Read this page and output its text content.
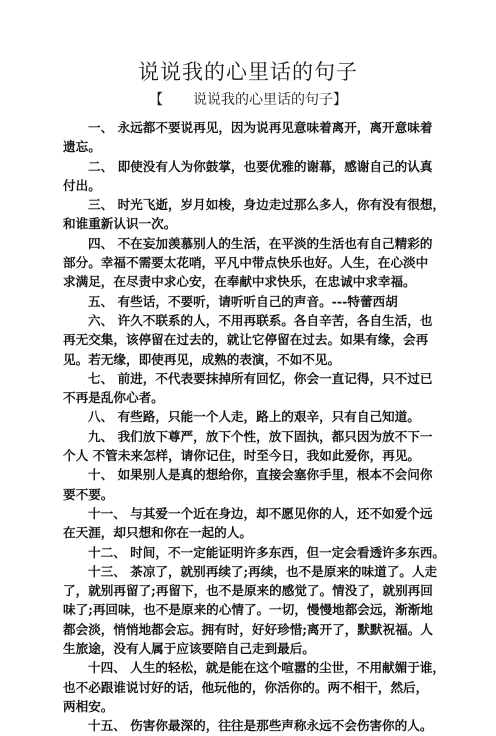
说说我的心里话的句子
【 说说我的心里话的句子】
一、 永远都不要说再见，因为说再见意味着离开，离开意味着
遗忘。
二、 即使没有人为你鼓掌，也要优雅的谢幕，感谢自己的认真
付出。
三、 时光飞逝，岁月如梭，身边走过那么多人，你有没有很想，
和谁重新认识一次。
四、 不在妄加羡慕别人的生活，在平淡的生活也有自己精彩的
部分。幸福不需要太花哨，平凡中带点快乐也好。人生，在心淡中
求满足，在尽责中求心安，在奉献中求快乐，在忠诚中求幸福。
五、 有些话，不要听，请听听自己的声音。---特蕾西胡
六、 许久不联系的人，不用再联系。各自辛苦，各自生活，也
再无交集，该停留在过去的，就让它停留在过去。如果有缘，会再
见。若无缘，即使再见，成熟的表演，不如不见。
七、 前进，不代表要抹掉所有回忆，你会一直记得，只不过已
不再是乱你心者。
八、 有些路，只能一个人走，路上的艰辛，只有自己知道。
九、 我们放下尊严，放下个性，放下固执，都只因为放不下一
个人 不管未来怎样，请你记住，时至今日，我如此爱你，再见。
十、 如果别人是真的想给你，直接会塞你手里，根本不会问你
要不要。
十一、 与其爱一个近在身边，却不愿见你的人，还不如爱个远
在天涯，却只想和你在一起的人。
十二、 时间，不一定能证明许多东西，但一定会看透许多东西。
十三、 茶凉了，就别再续了;再续，也不是原来的味道了。人走
了，就别再留了;再留下，也不是原来的感觉了。情没了，就别再回
味了;再回味，也不是原来的心情了。一切，慢慢地都会远，渐渐地
都会淡，悄悄地都会忘。拥有时，好好珍惜;离开了，默默祝福。人
生旅途，没有人属于应该要陪自己走到最后。
十四、 人生的轻松，就是能在这个喧嚣的尘世，不用献媚于谁，
也不必跟谁说讨好的话，他玩他的，你活你的。两不相干，然后，
两相安。
十五、 伤害你最深的，往往是那些声称永远不会伤害你的人。
